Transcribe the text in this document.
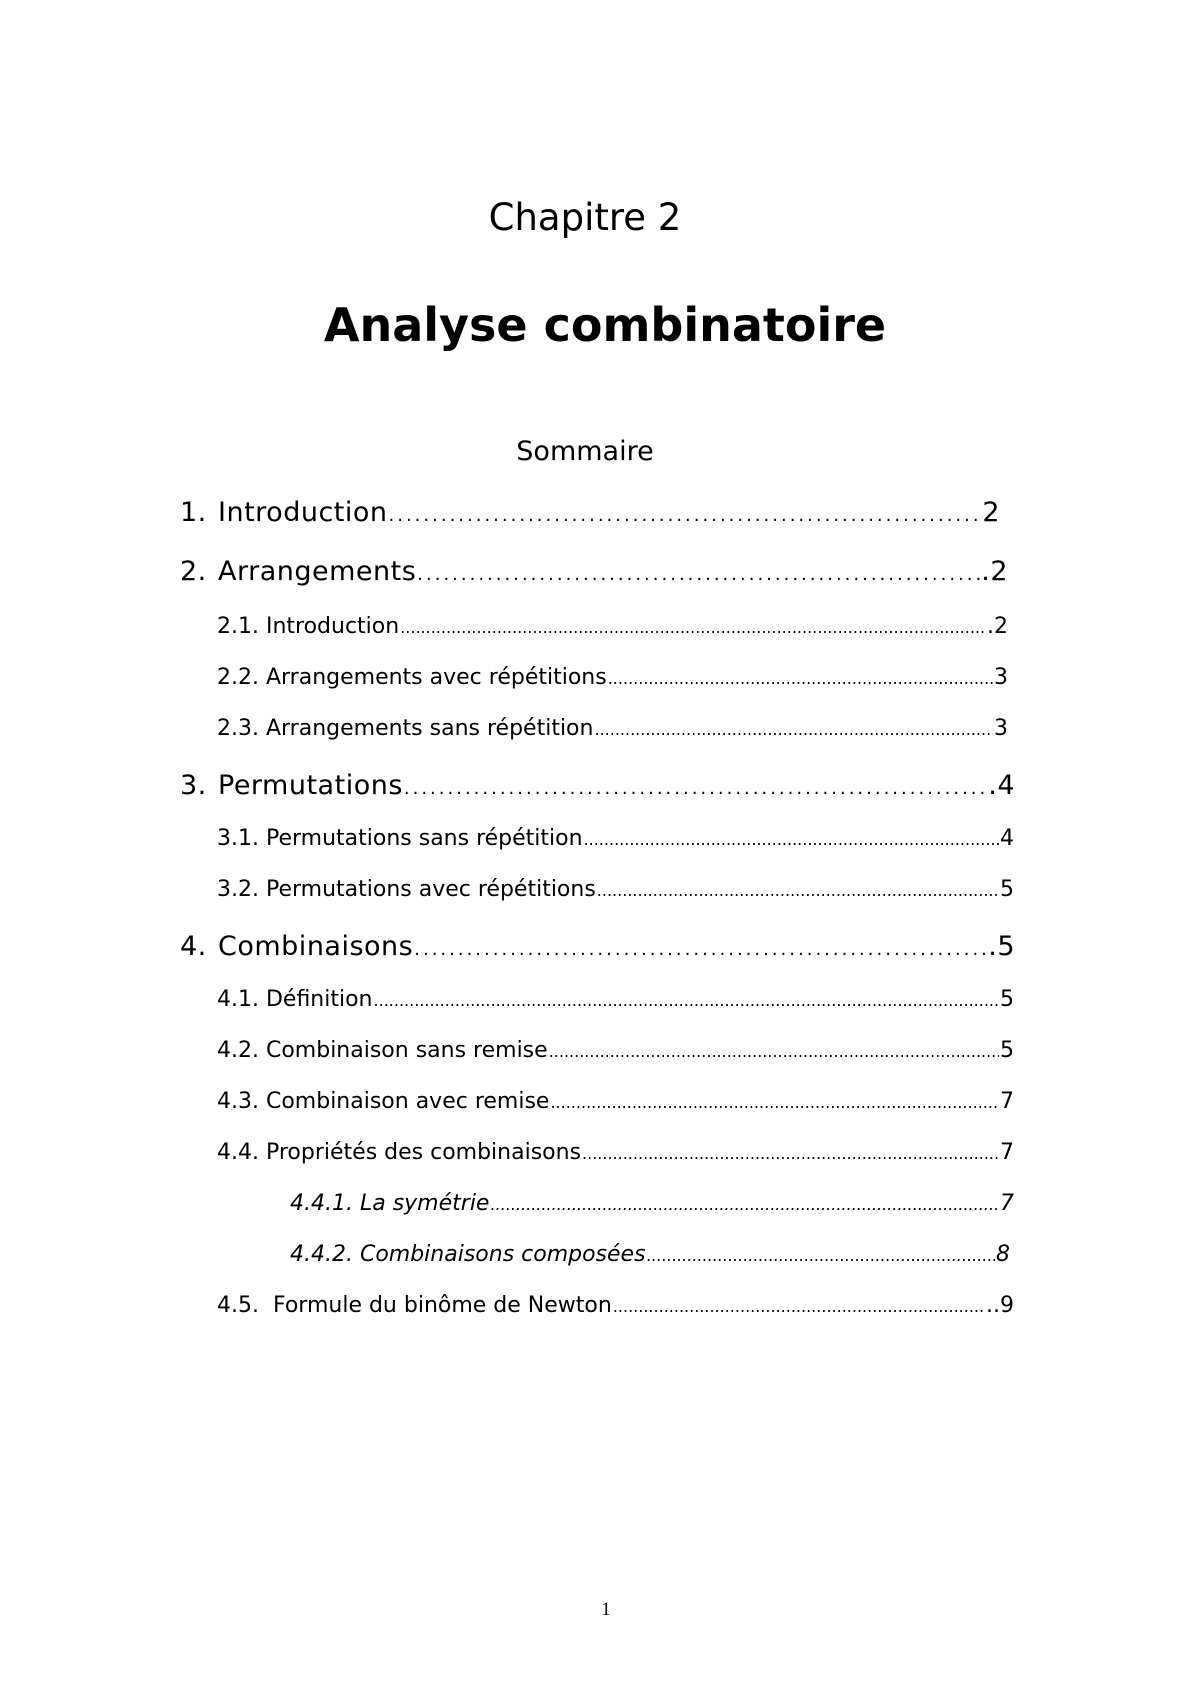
Chapitre 2
Analyse combinatoire
Sommaire
1. Introduction .....	2
2. Arrangements .....	.2
2.1. Introduction .....	.2
2.2. Arrangements avec répétitions .....	3
2.3. Arrangements sans répétition .....	3
3. Permutations .....	.4
3.1. Permutations sans répétition .....	4
3.2. Permutations avec répétitions .....	5
4. Combinaisons .....	.5
4.1. Définition .....	5
4.2. Combinaison sans remise .....	5
4.3. Combinaison avec remise .....	7
4.4. Propriétés des combinaisons .....	7
4.4.1. La symétrie .....	7
4.4.2. Combinaisons composées .....	8
4.5.  Formule du binôme de Newton .....	..9
1
